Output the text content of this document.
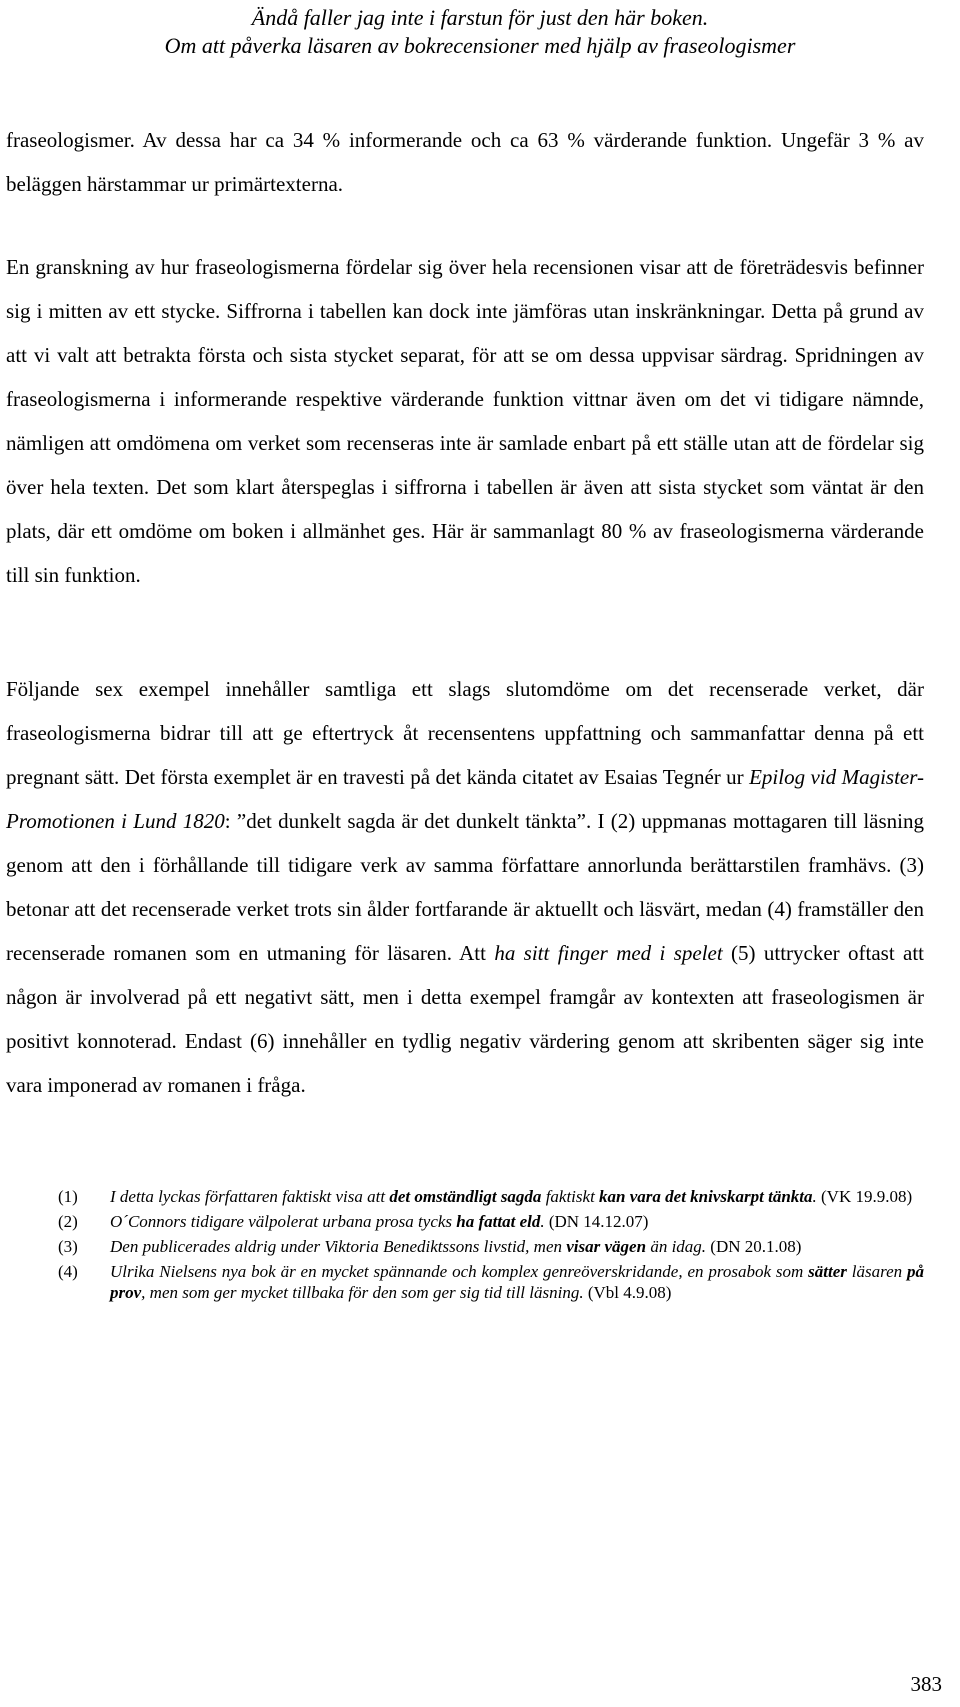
Ändå faller jag inte i farstun för just den här boken.
Om att påverka läsaren av bokrecensioner med hjälp av fraseologismer

fraseologismer. Av dessa har ca 34 % informerande och ca 63 % värderande funktion. Ungefär 3 % av beläggen härstammar ur primärtexterna.

En granskning av hur fraseologismerna fördelar sig över hela recensionen visar att de företrädesvis befinner sig i mitten av ett stycke. Siffrorna i tabellen kan dock inte jämföras utan inskränkningar. Detta på grund av att vi valt att betrakta första och sista stycket separat, för att se om dessa uppvisar särdrag. Spridningen av fraseologismerna i informerande respektive värderande funktion vittnar även om det vi tidigare nämnde, nämligen att omdömena om verket som recenseras inte är samlade enbart på ett ställe utan att de fördelar sig över hela texten. Det som klart återspeglas i siffrorna i tabellen är även att sista stycket som väntat är den plats, där ett omdöme om boken i allmänhet ges. Här är sammanlagt 80 % av fraseologismerna värderande till sin funktion.

Följande sex exempel innehåller samtliga ett slags slutomdöme om det recenserade verket, där fraseologismerna bidrar till att ge eftertryck åt recensentens uppfattning och sammanfattar denna på ett pregnant sätt. Det första exemplet är en travesti på det kända citatet av Esaias Tegnér ur Epilog vid Magister-Promotionen i Lund 1820: ”det dunkelt sagda är det dunkelt tänkta”. I (2) uppmanas mottagaren till läsning genom att den i förhållande till tidigare verk av samma författare annorlunda berättarstilen framhävs. (3) betonar att det recenserade verket trots sin ålder fortfarande är aktuellt och läsvärt, medan (4) framställer den recenserade romanen som en utmaning för läsaren. Att ha sitt finger med i spelet (5) uttrycker oftast att någon är involverad på ett negativt sätt, men i detta exempel framgår av kontexten att fraseologismen är positivt konnoterad. Endast (6) innehåller en tydlig negativ värdering genom att skribenten säger sig inte vara imponerad av romanen i fråga.

(1)	I detta lyckas författaren faktiskt visa att det omständligt sagda faktiskt kan vara det knivskarpt tänkta. (VK 19.9.08)
(2)	O´Connors tidigare välpolerat urbana prosa tycks ha fattat eld. (DN 14.12.07)
(3)	Den publicerades aldrig under Viktoria Benediktssons livstid, men visar vägen än idag. (DN 20.1.08)
(4)	Ulrika Nielsens nya bok är en mycket spännande och komplex genreöverskridande, en prosabok som sätter läsaren på prov, men som ger mycket tillbaka för den som ger sig tid till läsning. (Vbl 4.9.08)
383
